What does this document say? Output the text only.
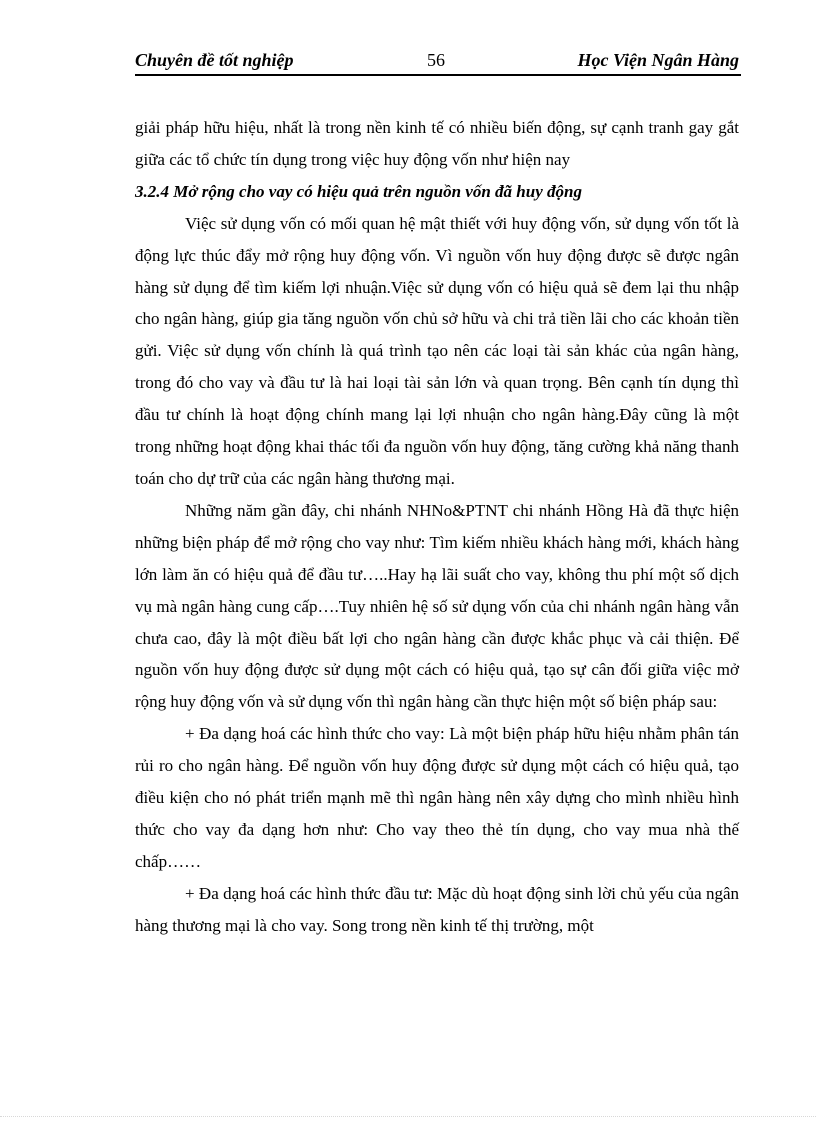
Chuyên đề tốt nghiệp	56	Học Viện Ngân Hàng

giải pháp hữu hiệu, nhất là trong nền kinh tế có nhiều biến động, sự cạnh tranh gay gắt giữa các tổ chức tín dụng trong việc huy động vốn như hiện nay

3.2.4 Mở rộng cho vay có hiệu quả trên nguồn vốn đã huy động

Việc sử dụng vốn có mối quan hệ mật thiết với huy động vốn, sử dụng vốn tốt là động lực thúc đẩy mở rộng huy động vốn. Vì nguồn vốn huy động được sẽ được ngân hàng sử dụng để tìm kiếm lợi nhuận.Việc sử dụng vốn có hiệu quả sẽ đem lại thu nhập cho ngân hàng, giúp gia tăng nguồn vốn chủ sở hữu và chi trả tiền lãi cho các khoản tiền gửi. Việc sử dụng vốn chính là quá trình tạo nên các loại tài sản khác của ngân hàng, trong đó cho vay và đầu tư là hai loại tài sản lớn và quan trọng. Bên cạnh tín dụng thì đầu tư chính là hoạt động chính mang lại lợi nhuận cho ngân hàng.Đây cũng là một trong những hoạt động khai thác tối đa nguồn vốn huy động, tăng cường khả năng thanh toán cho dự trữ của các ngân hàng thương mại.

Những năm gần đây, chi nhánh NHNo&PTNT chi nhánh Hồng Hà đã thực hiện những biện pháp để mở rộng cho vay như: Tìm kiếm nhiều khách hàng mới, khách hàng lớn làm ăn có hiệu quả để đầu tư…..Hay hạ lãi suất cho vay, không thu phí một số dịch vụ mà ngân hàng cung cấp….Tuy nhiên hệ số sử dụng vốn của chi nhánh ngân hàng vẫn chưa cao, đây là một điều bất lợi cho ngân hàng cần được khắc phục và cải thiện. Để nguồn vốn huy động được sử dụng một cách có hiệu quả, tạo sự cân đối giữa việc mở rộng huy động vốn và sử dụng vốn thì ngân hàng cần thực hiện một số biện pháp sau:

+ Đa dạng hoá các hình thức cho vay: Là một biện pháp hữu hiệu nhằm phân tán rủi ro cho ngân hàng. Để nguồn vốn huy động được sử dụng một cách có hiệu quả, tạo điều kiện cho nó phát triển mạnh mẽ thì ngân hàng nên xây dựng cho mình nhiều hình thức cho vay đa dạng hơn như: Cho vay theo thẻ tín dụng, cho vay mua nhà thế chấp……

+ Đa dạng hoá các hình thức đầu tư: Mặc dù hoạt động sinh lời chủ yếu của ngân hàng thương mại là cho vay. Song trong nền kinh tế thị trường, một
